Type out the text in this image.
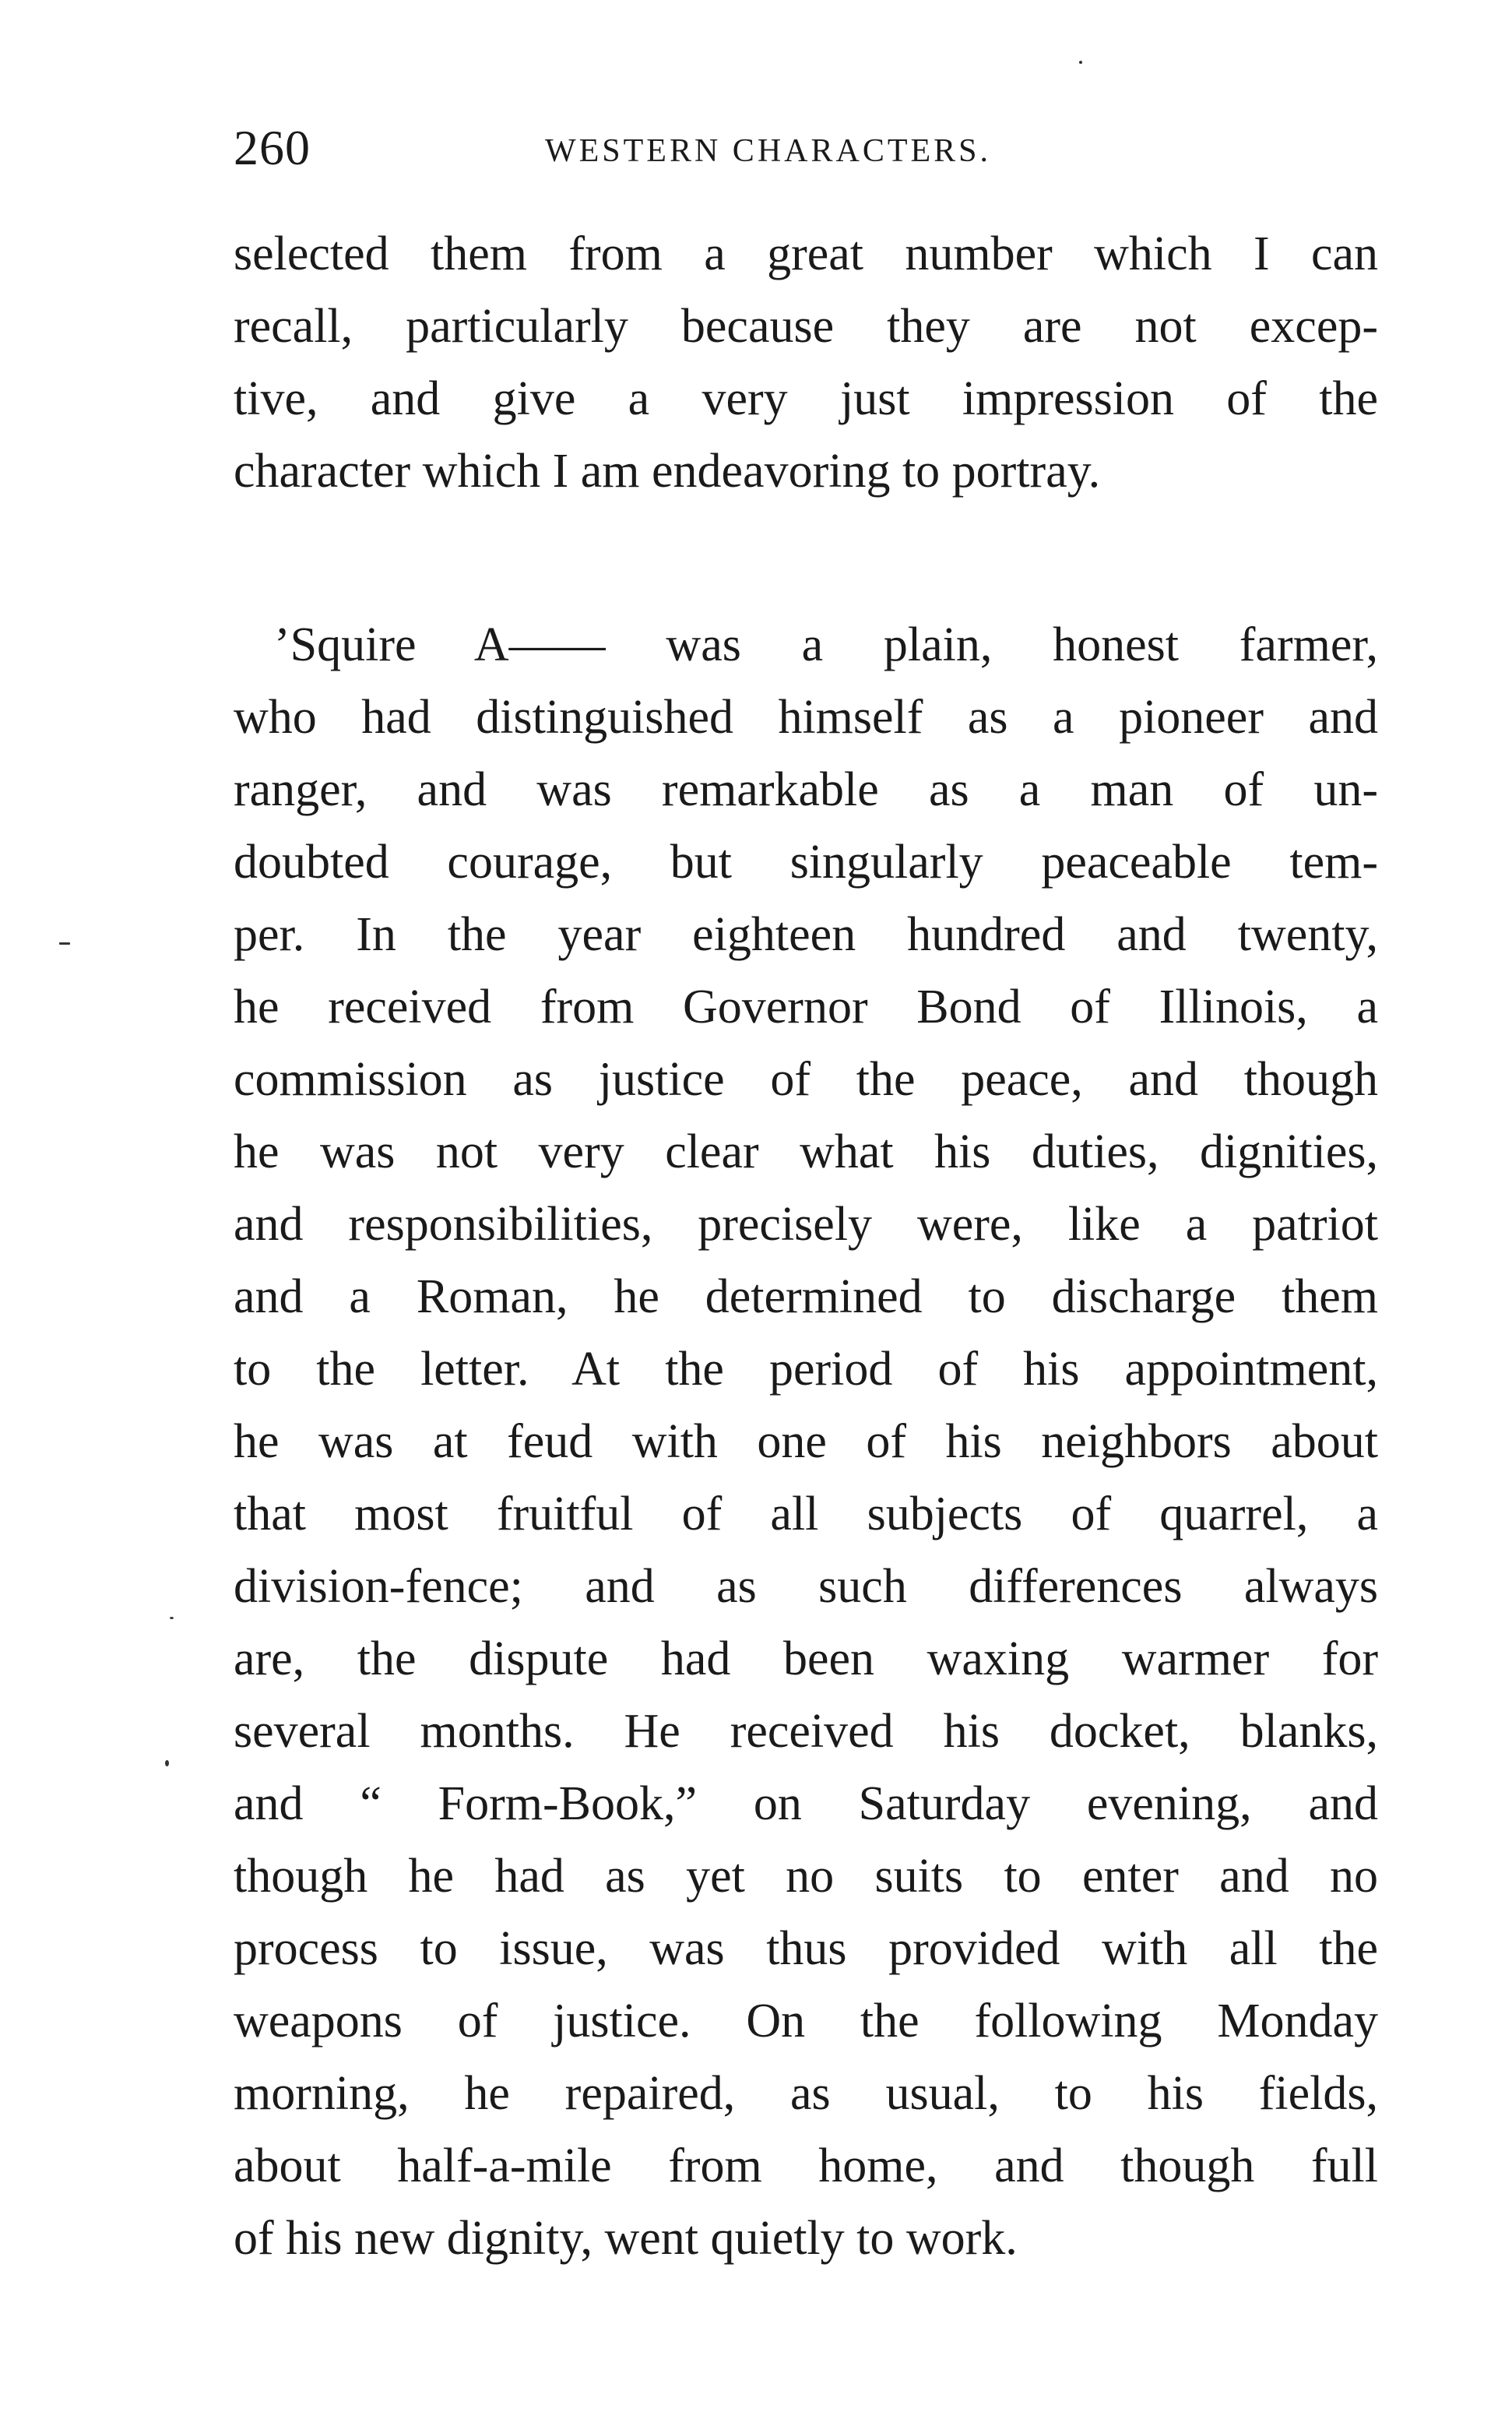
260	WESTERN CHARACTERS.
selected them from a great number which I can
recall, particularly because they are not excep-
tive, and give a very just impression of the
character which I am endeavoring to portray.
’Squire A—— was a plain, honest farmer,
who had distinguished himself as a pioneer and
ranger, and was remarkable as a man of un-
doubted courage, but singularly peaceable tem-
per. In the year eighteen hundred and twenty,
he received from Governor Bond of Illinois, a
commission as justice of the peace, and though
he was not very clear what his duties, dignities,
and responsibilities, precisely were, like a patriot
and a Roman, he determined to discharge them
to the letter. At the period of his appointment,
he was at feud with one of his neighbors about
that most fruitful of all subjects of quarrel, a
division-fence; and as such differences always
are, the dispute had been waxing warmer for
several months. He received his docket, blanks,
and “ Form-Book,” on Saturday evening, and
though he had as yet no suits to enter and no
process to issue, was thus provided with all the
weapons of justice. On the following Monday
morning, he repaired, as usual, to his fields,
about half-a-mile from home, and though full
of his new dignity, went quietly to work.
